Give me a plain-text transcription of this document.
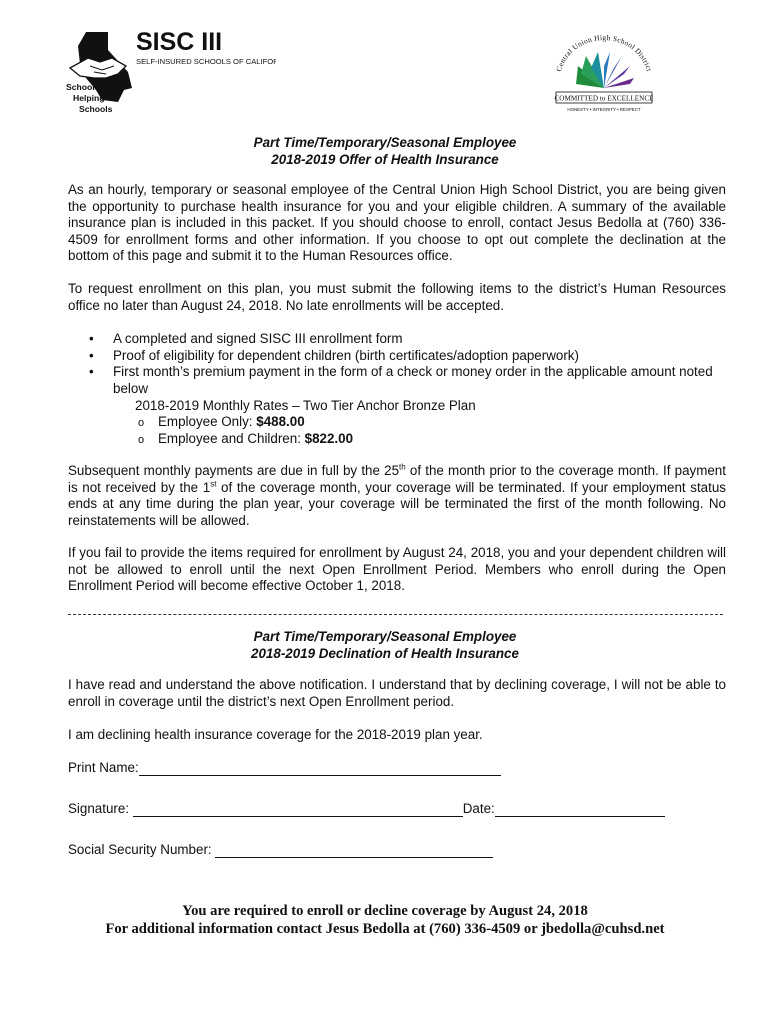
SISC III
SELF-INSURED SCHOOLS OF CALIFORNIA
Schools
Helping
Schools
Central Union High School District
COMMITTED to EXCELLENCE
HONESTY • INTEGRITY • RESPECT
Part Time/Temporary/Seasonal Employee
2018-2019 Offer of Health Insurance
As an hourly, temporary or seasonal employee of the Central Union High School District, you are being given the opportunity to purchase health insurance for you and your eligible children. A summary of the available insurance plan is included in this packet. If you should choose to enroll, contact Jesus Bedolla at (760) 336-4509 for enrollment forms and other information. If you choose to opt out complete the declination at the bottom of this page and submit it to the Human Resources office.
To request enrollment on this plan, you must submit the following items to the district’s Human Resources office no later than August 24, 2018. No late enrollments will be accepted.
• A completed and signed SISC III enrollment form
• Proof of eligibility for dependent children (birth certificates/adoption paperwork)
• First month’s premium payment in the form of a check or money order in the applicable amount noted below
2018-2019 Monthly Rates – Two Tier Anchor Bronze Plan
o Employee Only: $488.00
o Employee and Children: $822.00
Subsequent monthly payments are due in full by the 25th of the month prior to the coverage month. If payment is not received by the 1st of the coverage month, your coverage will be terminated. If your employment status ends at any time during the plan year, your coverage will be terminated the first of the month following. No reinstatements will be allowed.
If you fail to provide the items required for enrollment by August 24, 2018, you and your dependent children will not be allowed to enroll until the next Open Enrollment Period. Members who enroll during the Open Enrollment Period will become effective October 1, 2018.
Part Time/Temporary/Seasonal Employee
2018-2019 Declination of Health Insurance
I have read and understand the above notification. I understand that by declining coverage, I will not be able to enroll in coverage until the district’s next Open Enrollment period.
I am declining health insurance coverage for the 2018-2019 plan year.
Print Name:
Signature:	Date:
Social Security Number:
You are required to enroll or decline coverage by August 24, 2018
For additional information contact Jesus Bedolla at (760) 336-4509 or jbedolla@cuhsd.net
